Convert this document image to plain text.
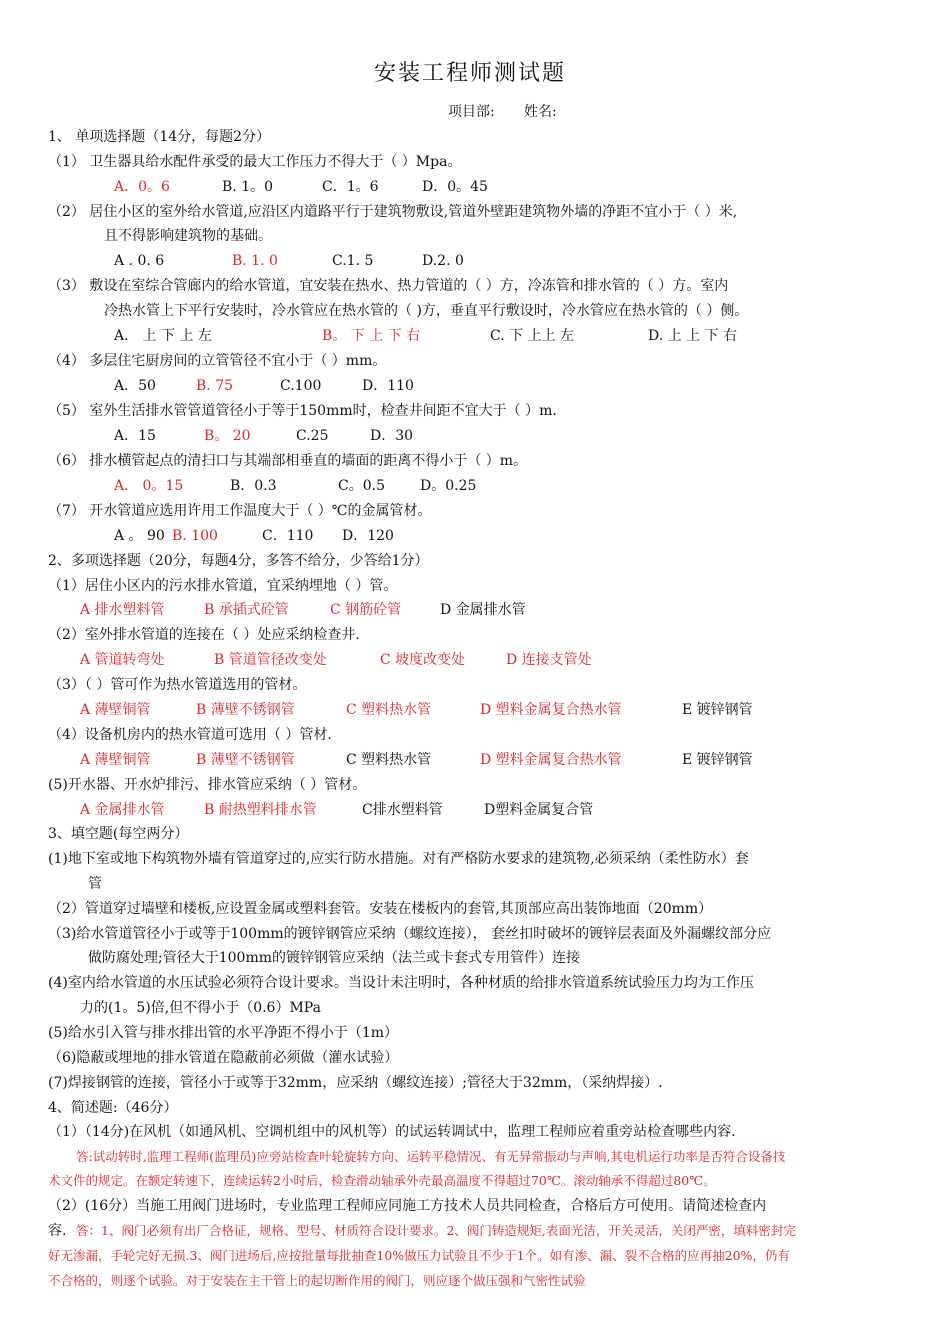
安装工程师测试题
项目部: 姓名:
1、 单项选择题（14分，每题2分）
（1） 卫生器具给水配件承受的最大工作压力不得大于（ ）Mpa。
A．0。6	B. 1。0	C．1。6	D．0。45
（2） 居住小区的室外给水管道,应沿区内道路平行于建筑物敷设,管道外壁距建筑物外墙的净距不宜小于（ ）米,
且不得影响建筑物的基础。
A . 0. 6	B. 1. 0	C.1. 5	D.2. 0
（3） 敷设在室综合管廊内的给水管道，宜安装在热水、热力管道的（ ）方，冷冻管和排水管的（ ）方。室内
冷热水管上下平行安装时，冷水管应在热水管的（ )方，垂直平行敷设时，冷水管应在热水管的（ ）侧。
A． 上 下 上 左	B。 下 上 下 右	C. 下 上上 左	D. 上 上 下 右
（4） 多层住宅厨房间的立管管径不宜小于（ ）mm。
A．50	B. 75	C.100	D．110
（5） 室外生活排水管管道管径小于等于150mm时，检查井间距不宜大于（ ）m.
A．15	B。 20	C.25	D．30
（6） 排水横管起点的清扫口与其端部相垂直的墙面的距离不得小于（ ）m。
A． 0。15	B．0.3	C。0.5	D。0.25
（7） 开水管道应选用许用工作温度大于（ ）℃的金属管材。
A 。 90 B. 100	C．110 D．120
2、多项选择题（20分，每题4分，多答不给分，少答给1分）
（1）居住小区内的污水排水管道，宜采纳埋地（ ）管。
A 排水塑料管	B 承插式砼管	C 钢筋砼管	D 金属排水管
（2）室外排水管道的连接在（ ）处应采纳检查井.
A 管道转弯处	B 管道管径改变处	C 坡度改变处	D 连接支管处
（3）（ ）管可作为热水管道选用的管材。
A 薄壁铜管	B 薄壁不锈钢管	C 塑料热水管	D 塑料金属复合热水管	E 镀锌钢管
（4）设备机房内的热水管道可选用（ ）管材.
A 薄壁铜管	B 薄壁不锈钢管	C 塑料热水管	D 塑料金属复合热水管	E 镀锌钢管
(5)开水器、开水炉排污、排水管应采纳（ ）管材。
A 金属排水管	B 耐热塑料排水管	C排水塑料管	D塑料金属复合管
3、填空题(每空两分）
(1)地下室或地下构筑物外墙有管道穿过的,应实行防水措施。对有严格防水要求的建筑物,必须采纳（柔性防水）套
管
（2）管道穿过墙壁和楼板,应设置金属或塑料套管。安装在楼板内的套管,其顶部应高出装饰地面（20mm）
（3)给水管道管径小于或等于100mm的镀锌钢管应采纳（螺纹连接）， 套丝扣时破坏的镀锌层表面及外漏螺纹部分应
做防腐处理;管径大于100mm的镀锌钢管应采纳（法兰或卡套式专用管件）连接
(4)室内给水管道的水压试验必须符合设计要求。当设计未注明时，各种材质的给排水管道系统试验压力均为工作压
力的(1。5)倍,但不得小于（0.6）MPa
(5)给水引入管与排水排出管的水平净距不得小于（1m）
（6)隐蔽或埋地的排水管道在隐蔽前必须做（灌水试验）
(7)焊接钢管的连接，管径小于或等于32mm，应采纳（螺纹连接）;管径大于32mm，（采纳焊接）.
4、简述题:（46分）
（1）（14分)在风机（如通风机、空调机组中的风机等）的试运转调试中，监理工程师应着重旁站检查哪些内容.
答:试动转时,监理工程师(监理员)应旁站检查叶轮旋转方向、运转平稳情况、有无异常振动与声响,其电机运行功率是否符合设备技
术文件的规定。在额定转速下，连续运转2小时后，检查滑动轴承外壳最高温度不得超过70℃。滚动轴承不得超过80℃。
（2）(16分）当施工用阀门进场时，专业监理工程师应同施工方技术人员共同检查，合格后方可使用。请简述检查内
容. 答：1、阀门必须有出厂合格证，规格、型号、材质符合设计要求。2、阀门铸造规矩,表面光洁，开关灵活，关闭严密，填料密封完
好无渗漏，手轮完好无损.3、阀门进场后,应按批量每批抽查10%做压力试验且不少于1个。如有渗、漏、裂不合格的应再抽20%，仍有
不合格的，则逐个试验。对于安装在主干管上的起切断作用的阀门，则应逐个做压强和气密性试验
